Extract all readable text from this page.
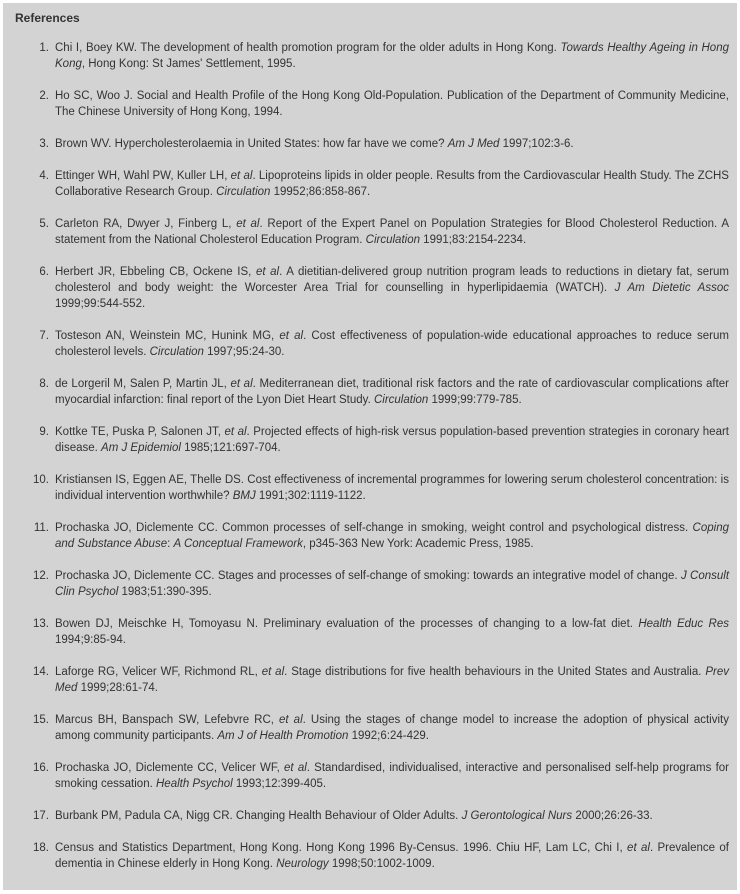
References
1 . Chi I, Boey KW. The development of health promotion program for the older adults in Hong Kong. Towards Healthy Ageing in Hong Kong, Hong Kong: St James' Settlement, 1995.
2 . Ho SC, Woo J. Social and Health Profile of the Hong Kong Old-Population. Publication of the Department of Community Medicine, The Chinese University of Hong Kong, 1994.
3 . Brown WV. Hypercholesterolaemia in United States: how far have we come? Am J Med 1997;102:3-6.
4 . Ettinger WH, Wahl PW, Kuller LH, et al. Lipoproteins lipids in older people. Results from the Cardiovascular Health Study. The ZCHS Collaborative Research Group. Circulation 19952;86:858-867.
5 . Carleton RA, Dwyer J, Finberg L, et al. Report of the Expert Panel on Population Strategies for Blood Cholesterol Reduction. A statement from the National Cholesterol Education Program. Circulation 1991;83:2154-2234.
6 . Herbert JR, Ebbeling CB, Ockene IS, et al. A dietitian-delivered group nutrition program leads to reductions in dietary fat, serum cholesterol and body weight: the Worcester Area Trial for counselling in hyperlipidaemia (WATCH). J Am Dietetic Assoc 1999;99:544-552.
7 . Tosteson AN, Weinstein MC, Hunink MG, et al. Cost effectiveness of population-wide educational approaches to reduce serum cholesterol levels. Circulation 1997;95:24-30.
8 . de Lorgeril M, Salen P, Martin JL, et al. Mediterranean diet, traditional risk factors and the rate of cardiovascular complications after myocardial infarction: final report of the Lyon Diet Heart Study. Circulation 1999;99:779-785.
9 . Kottke TE, Puska P, Salonen JT, et al. Projected effects of high-risk versus population-based prevention strategies in coronary heart disease. Am J Epidemiol 1985;121:697-704.
10 . Kristiansen IS, Eggen AE, Thelle DS. Cost effectiveness of incremental programmes for lowering serum cholesterol concentration: is individual intervention worthwhile? BMJ 1991;302:1119-1122.
11 . Prochaska JO, Diclemente CC. Common processes of self-change in smoking, weight control and psychological distress. Coping and Substance Abuse: A Conceptual Framework, p345-363 New York: Academic Press, 1985.
12 . Prochaska JO, Diclemente CC. Stages and processes of self-change of smoking: towards an integrative model of change. J Consult Clin Psychol 1983;51:390-395.
13 . Bowen DJ, Meischke H, Tomoyasu N. Preliminary evaluation of the processes of changing to a low-fat diet. Health Educ Res 1994;9:85-94.
14 . Laforge RG, Velicer WF, Richmond RL, et al. Stage distributions for five health behaviours in the United States and Australia. Prev Med 1999;28:61-74.
15 . Marcus BH, Banspach SW, Lefebvre RC, et al. Using the stages of change model to increase the adoption of physical activity among community participants. Am J of Health Promotion 1992;6:24-429.
16 . Prochaska JO, Diclemente CC, Velicer WF, et al. Standardised, individualised, interactive and personalised self-help programs for smoking cessation. Health Psychol 1993;12:399-405.
17 . Burbank PM, Padula CA, Nigg CR. Changing Health Behaviour of Older Adults. J Gerontological Nurs 2000;26:26-33.
18 . Census and Statistics Department, Hong Kong. Hong Kong 1996 By-Census. 1996. Chiu HF, Lam LC, Chi I, et al. Prevalence of dementia in Chinese elderly in Hong Kong. Neurology 1998;50:1002-1009.
